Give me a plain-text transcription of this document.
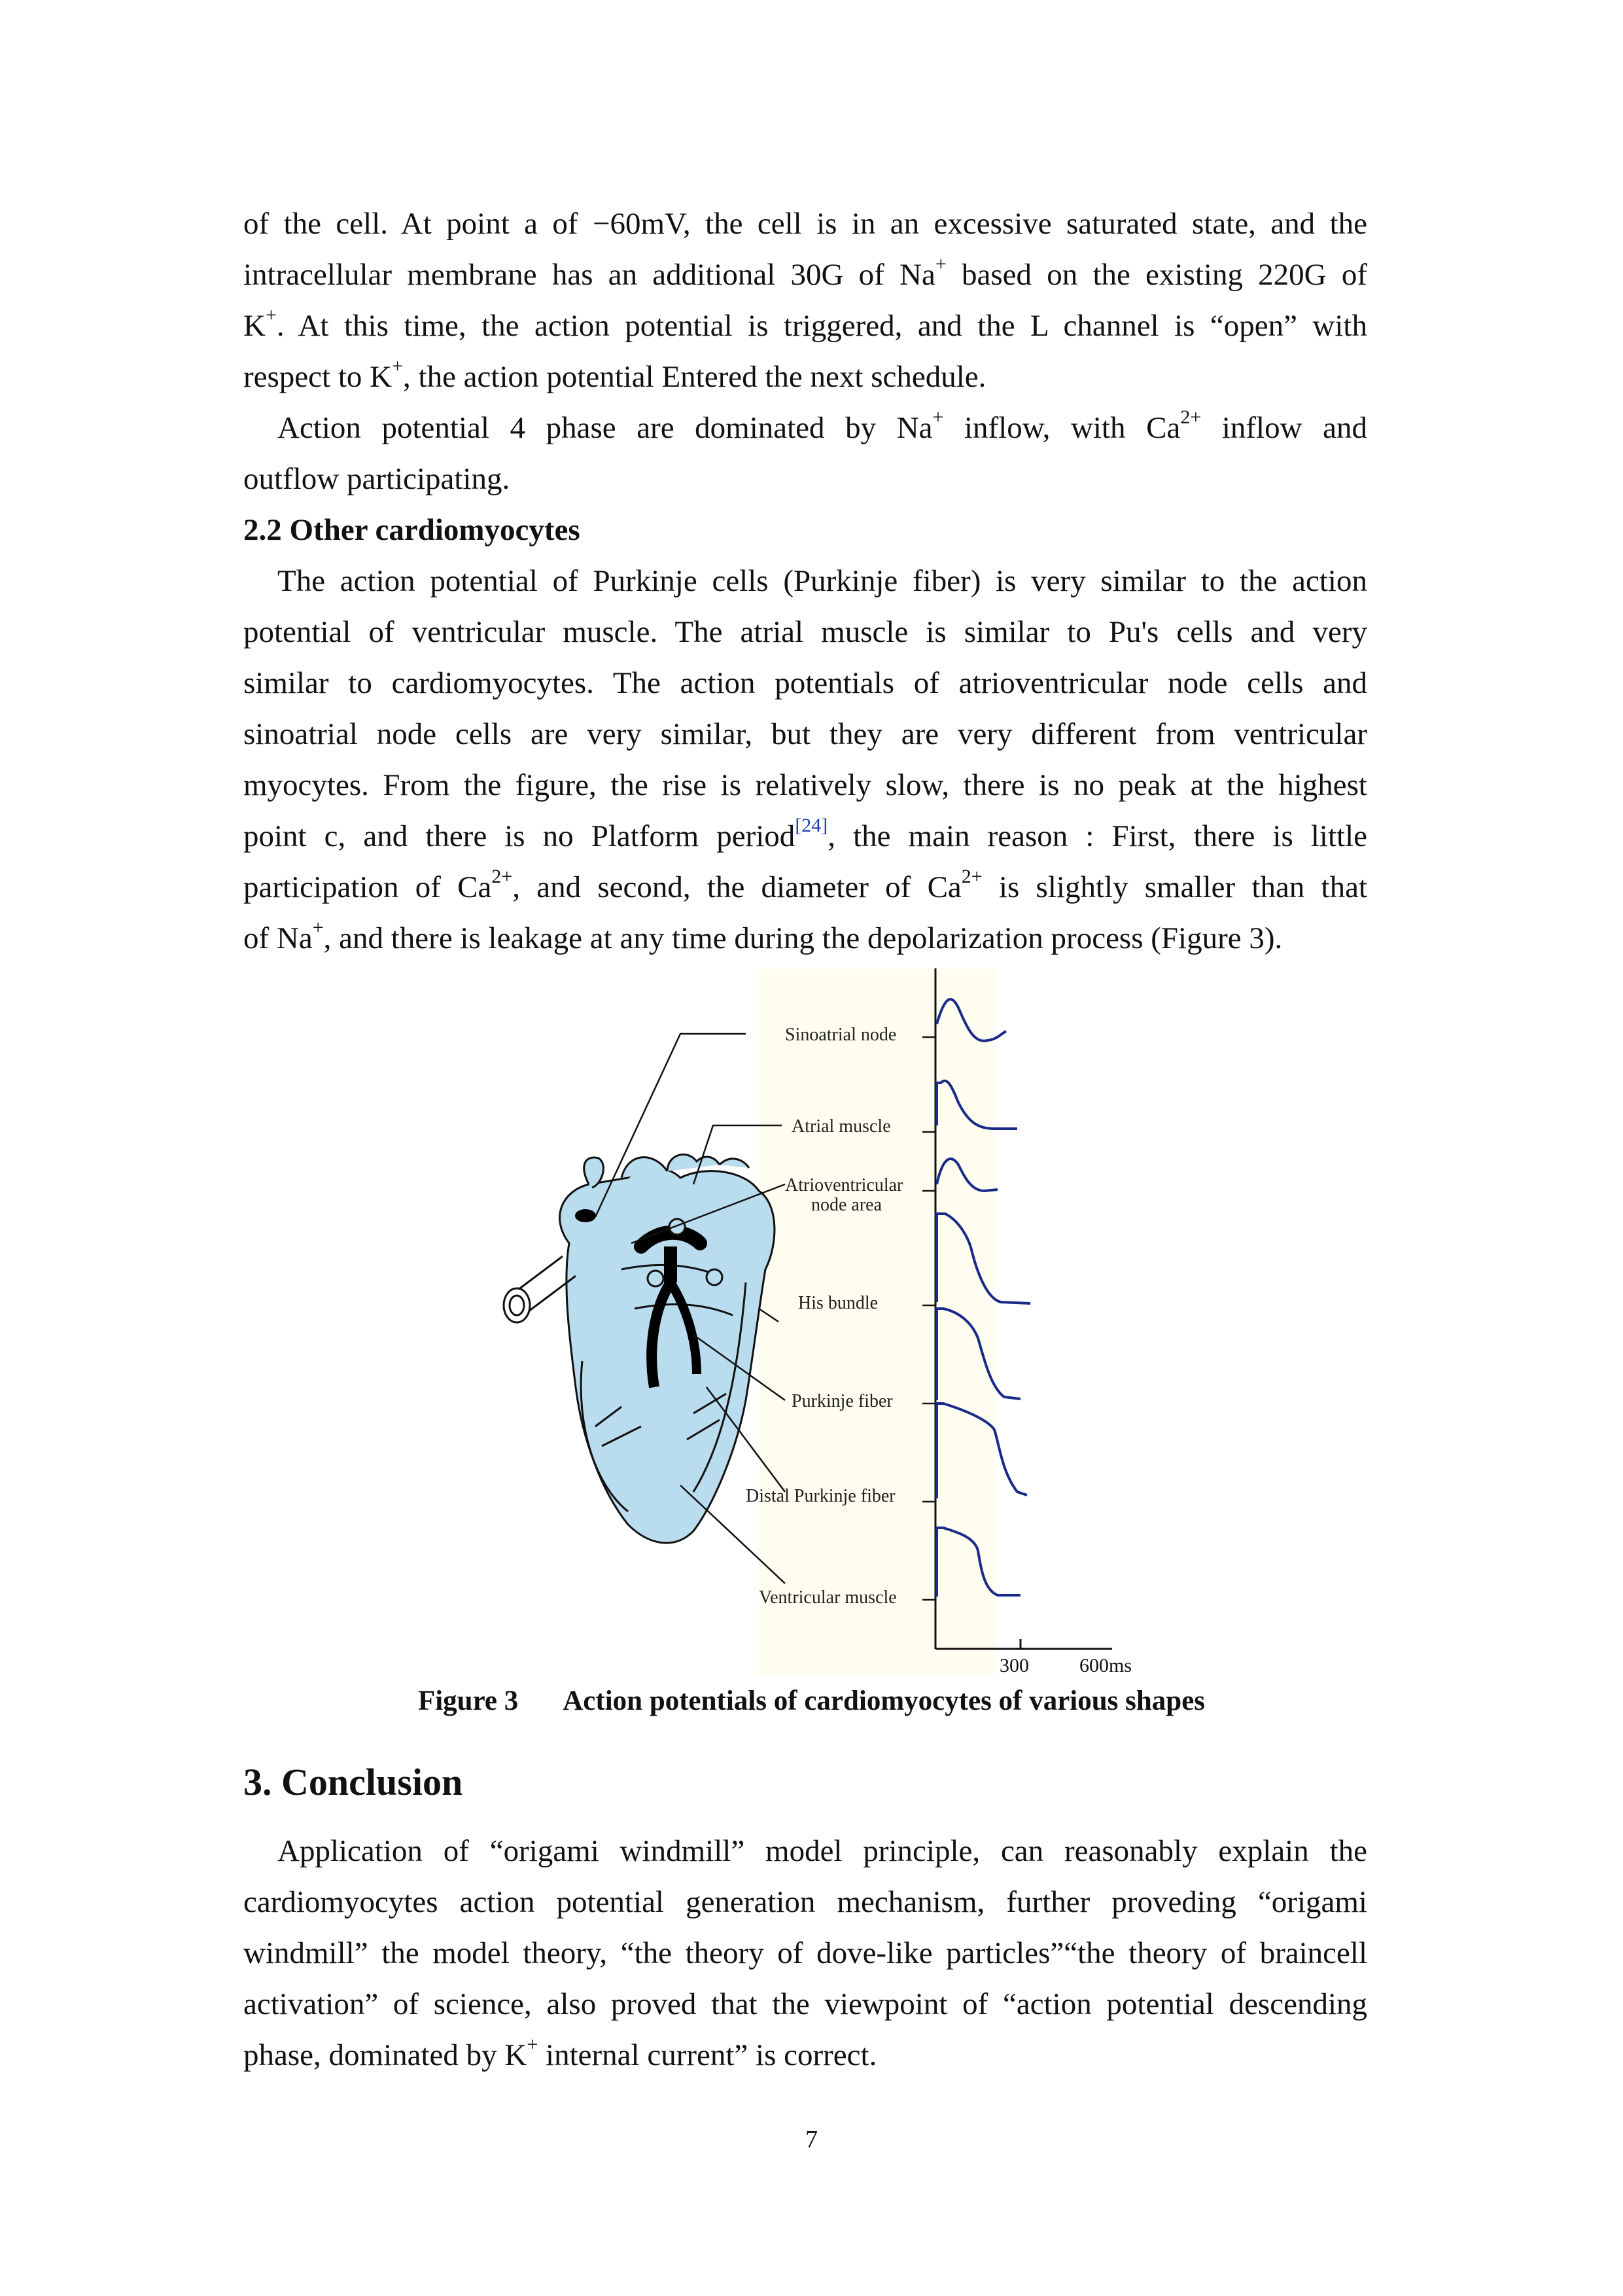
of the cell. At point a of −60mV, the cell is in an excessive saturated state, and the
intracellular membrane has an additional 30G of Na+ based on the existing 220G of
K+. At this time, the action potential is triggered, and the L channel is “open” with
respect to K+, the action potential Entered the next schedule.
Action potential 4 phase are dominated by Na+ inflow, with $Ca^{2+}$ inflow and
outflow participating.
2.2 Other cardiomyocytes
The action potential of Purkinje cells (Purkinje fiber) is very similar to the action
potential of ventricular muscle. The atrial muscle is similar to Pu's cells and very
similar to cardiomyocytes. The action potentials of atrioventricular node cells and
sinoatrial node cells are very similar, but they are very different from ventricular
myocytes. From the figure, the rise is relatively slow, there is no peak at the highest
point c, and there is no Platform period[24], the main reason : First, there is little
participation of $Ca^{2+}$, and second, the diameter of $Ca^{2+}$ is slightly smaller than that
of Na+, and there is leakage at any time during the depolarization process (Figure 3).
Sinoatrial node
Atrial muscle
Atrioventricular
node area
His bundle
Purkinje fiber
Distal Purkinje fiber
Ventricular muscle
300	600ms
Figure 3 Action potentials of cardiomyocytes of various shapes
3. Conclusion
Application of “origami windmill” model principle, can reasonably explain the
cardiomyocytes action potential generation mechanism, further proveding “origami
windmill” the model theory, “the theory of dove-like particles”“the theory of braincell
activation” of science, also proved that the viewpoint of “action potential descending
phase, dominated by K+ internal current” is correct.
7
